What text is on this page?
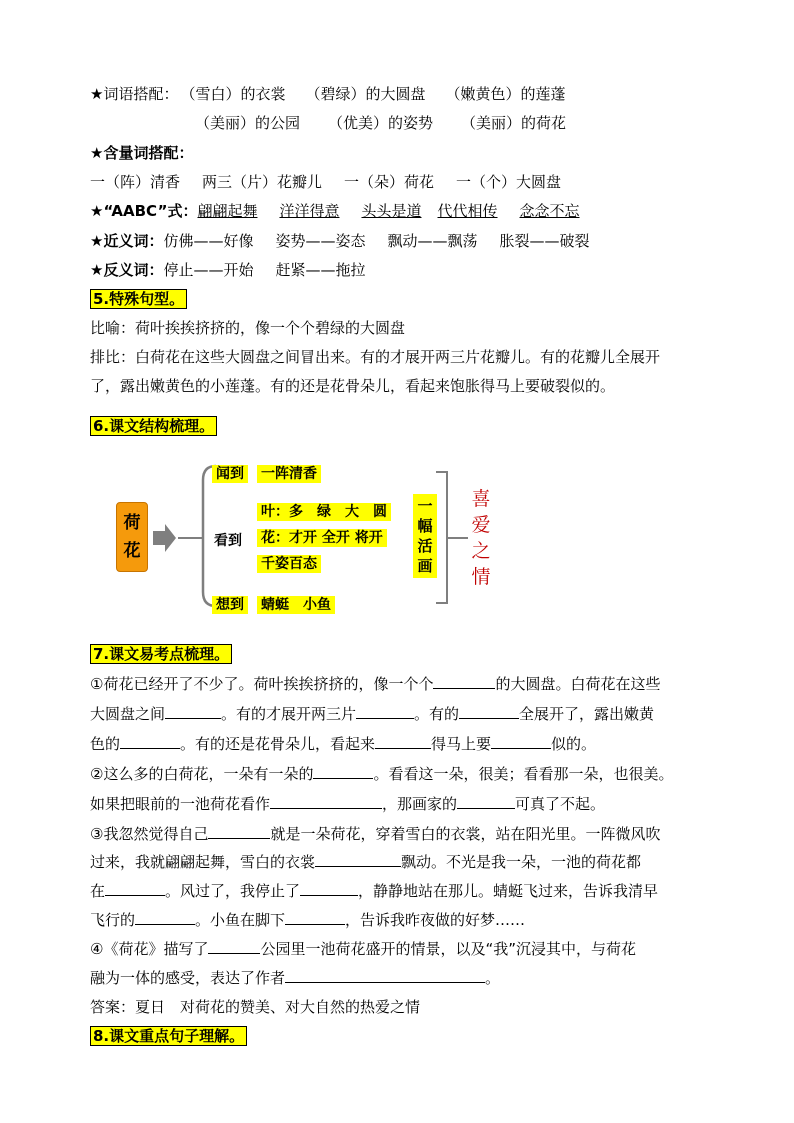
★词语搭配： （雪白）的衣裳 （碧绿）的大圆盘 （嫩黄色）的莲蓬
（美丽）的公园 （优美）的姿势 （美丽）的荷花
★含量词搭配：
一（阵）清香 两三（片）花瓣儿 一（朵）荷花 一（个）大圆盘
★“AABC”式：翩翩起舞 洋洋得意 头头是道 代代相传 念念不忘
★近义词：仿佛——好像 姿势——姿态 飘动——飘荡 胀裂——破裂
★反义词：停止——开始 赶紧——拖拉
5.特殊句型。
比喻：荷叶挨挨挤挤的，像一个个碧绿的大圆盘
排比：白荷花在这些大圆盘之间冒出来。有的才展开两三片花瓣儿。有的花瓣儿全展开
了，露出嫩黄色的小莲蓬。有的还是花骨朵儿，看起来饱胀得马上要破裂似的。
6.课文结构梳理。
荷花
闻到 一阵清香
看到
叶：多　绿　大　圆
花：才开 全开 将开
千姿百态
想到 蜻蜓　小鱼
一幅活画
喜爱之情
7.课文易考点梳理。
①荷花已经开了不少了。荷叶挨挨挤挤的，像一个个	的大圆盘。白荷花在这些
大圆盘之间	。有的才展开两三片	。有的	全展开了，露出嫩黄
色的	。有的还是花骨朵儿，看起来	得马上要	似的。
②这么多的白荷花，一朵有一朵的	。看看这一朵，很美；看看那一朵，也很美。
如果把眼前的一池荷花看作	，那画家的	可真了不起。
③我忽然觉得自己	就是一朵荷花，穿着雪白的衣裳，站在阳光里。一阵微风吹
过来，我就翩翩起舞，雪白的衣裳	飘动。不光是我一朵，一池的荷花都
在	。风过了，我停止了	，静静地站在那儿。蜻蜓飞过来，告诉我清早
飞行的	。小鱼在脚下	，告诉我昨夜做的好梦……
④《荷花》描写了	公园里一池荷花盛开的情景，以及“我”沉浸其中，与荷花
融为一体的感受，表达了作者	。
答案：夏日　对荷花的赞美、对大自然的热爱之情
8.课文重点句子理解。
